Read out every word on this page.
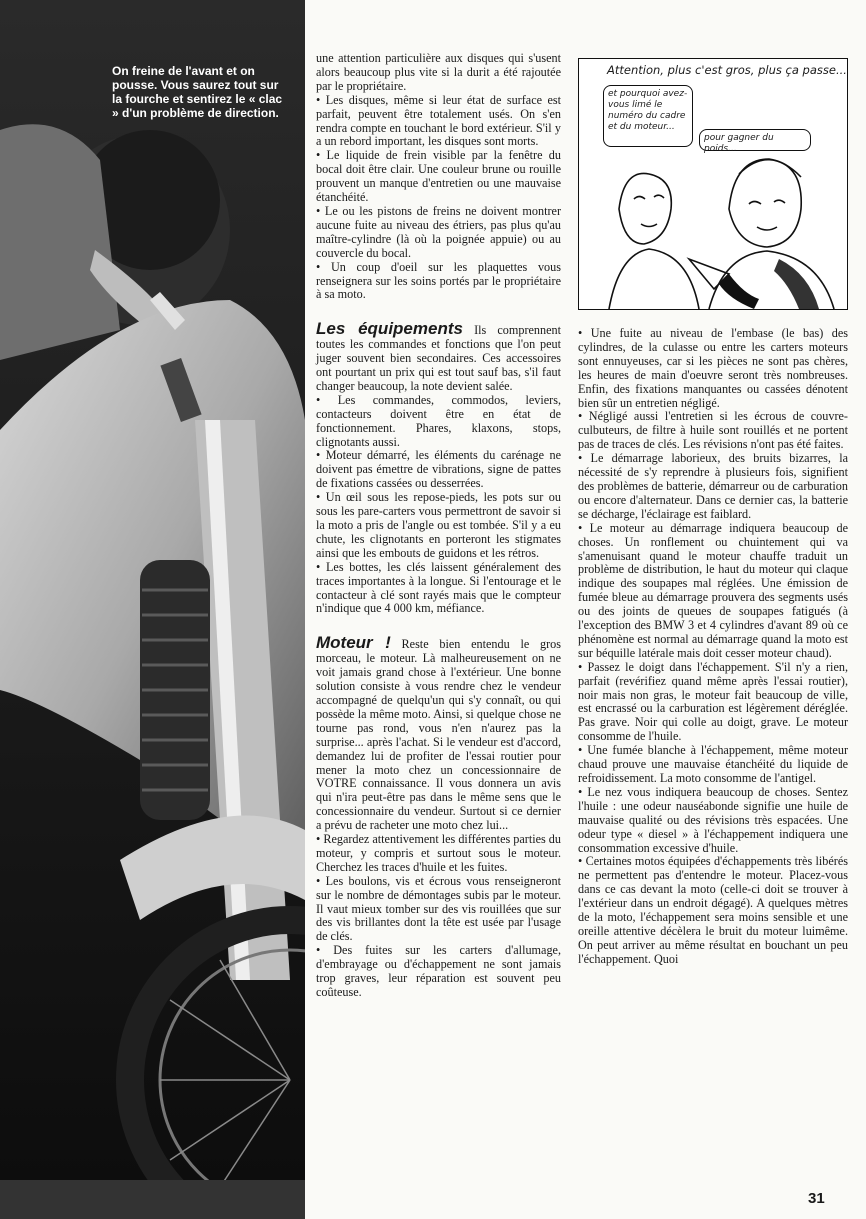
On freine de l'avant et on pousse. Vous saurez tout sur la fourche et sentirez le « clac » d'un problème de direction.

une attention particulière aux disques qui s'usent alors beaucoup plus vite si la durit a été rajoutée par le propriétaire.

• Les disques, même si leur état de surface est parfait, peuvent être totalement usés. On s'en rendra compte en touchant le bord extérieur. S'il y a un rebord important, les disques sont morts.

• Le liquide de frein visible par la fenêtre du bocal doit être clair. Une couleur brune ou rouille prouvent un manque d'entretien ou une mauvaise étanchéité.

• Le ou les pistons de freins ne doivent montrer aucune fuite au niveau des étriers, pas plus qu'au maître-cylindre (là où la poignée appuie) ou au couvercle du bocal.

• Un coup d'oeil sur les plaquettes vous renseignera sur les soins portés par le propriétaire à sa moto.

Les équipements Ils comprennent toutes les commandes et fonctions que l'on peut juger souvent bien secondaires. Ces accessoires ont pourtant un prix qui est tout sauf bas, s'il faut changer beaucoup, la note devient salée.

• Les commandes, commodos, leviers, contacteurs doivent être en état de fonctionnement. Phares, klaxons, stops, clignotants aussi.

• Moteur démarré, les éléments du carénage ne doivent pas émettre de vibrations, signe de pattes de fixations cassées ou desserrées.

• Un œil sous les repose-pieds, les pots sur ou sous les pare-carters vous permettront de savoir si la moto a pris de l'angle ou est tombée. S'il y a eu chute, les clignotants en porteront les stigmates ainsi que les embouts de guidons et les rétros.

• Les bottes, les clés laissent généralement des traces importantes à la longue. Si l'entourage et le contacteur à clé sont rayés mais que le compteur n'indique que 4 000 km, méfiance.

Moteur ! Reste bien entendu le gros morceau, le moteur. Là malheureusement on ne voit jamais grand chose à l'extérieur. Une bonne solution consiste à vous rendre chez le vendeur accompagné de quelqu'un qui s'y connaît, ou qui possède la même moto. Ainsi, si quelque chose ne tourne pas rond, vous n'en n'aurez pas la surprise... après l'achat. Si le vendeur est d'accord, demandez lui de profiter de l'essai routier pour mener la moto chez un concessionnaire de VOTRE connaissance. Il vous donnera un avis qui n'ira peut-être pas dans le même sens que le concessionnaire du vendeur. Surtout si ce dernier a prévu de racheter une moto chez lui...

• Regardez attentivement les différentes parties du moteur, y compris et surtout sous le moteur. Cherchez les traces d'huile et les fuites.

• Les boulons, vis et écrous vous renseigneront sur le nombre de démontages subis par le moteur. Il vaut mieux tomber sur des vis rouillées que sur des vis brillantes dont la tête est usée par l'usage de clés.

• Des fuites sur les carters d'allumage, d'embrayage ou d'échappement ne sont jamais trop graves, leur réparation est souvent peu coûteuse.

Attention, plus c'est gros, plus ça passe...
et pourquoi avez-vous limé le numéro du cadre et du moteur...
pour gagner du poids...

• Une fuite au niveau de l'embase (le bas) des cylindres, de la culasse ou entre les carters moteurs sont ennuyeuses, car si les pièces ne sont pas chères, les heures de main d'oeuvre seront très nombreuses. Enfin, des fixations manquantes ou cassées dénotent bien sûr un entretien négligé.

• Négligé aussi l'entretien si les écrous de couvre-culbuteurs, de filtre à huile sont rouillés et ne portent pas de traces de clés. Les révisions n'ont pas été faites.

• Le démarrage laborieux, des bruits bizarres, la nécessité de s'y reprendre à plusieurs fois, signifient des problèmes de batterie, démarreur ou de carburation ou encore d'alternateur. Dans ce dernier cas, la batterie se décharge, l'éclairage est faiblard.

• Le moteur au démarrage indiquera beaucoup de choses. Un ronflement ou chuintement qui va s'amenuisant quand le moteur chauffe traduit un problème de distribution, le haut du moteur qui claque indique des soupapes mal réglées. Une émission de fumée bleue au démarrage prouvera des segments usés ou des joints de queues de soupapes fatigués (à l'exception des BMW 3 et 4 cylindres d'avant 89 où ce phénomène est normal au démarrage quand la moto est sur béquille latérale mais doit cesser moteur chaud).

• Passez le doigt dans l'échappement. S'il n'y a rien, parfait (revérifiez quand même après l'essai routier), noir mais non gras, le moteur fait beaucoup de ville, est encrassé ou la carburation est légèrement déréglée. Pas grave. Noir qui colle au doigt, grave. Le moteur consomme de l'huile.

• Une fumée blanche à l'échappement, même moteur chaud prouve une mauvaise étanchéité du liquide de refroidissement. La moto consomme de l'antigel.

• Le nez vous indiquera beaucoup de choses. Sentez l'huile : une odeur nauséabonde signifie une huile de mauvaise qualité ou des révisions très espacées. Une odeur type « diesel » à l'échappement indiquera une consommation excessive d'huile.

• Certaines motos équipées d'échappements très libérés ne permettent pas d'entendre le moteur. Placez-vous dans ce cas devant la moto (celle-ci doit se trouver à l'extérieur dans un endroit dégagé). A quelques mètres de la moto, l'échappement sera moins sensible et une oreille attentive décèlera le bruit du moteur luimême. On peut arriver au même résultat en bouchant un peu l'échappement. Quoi

31
